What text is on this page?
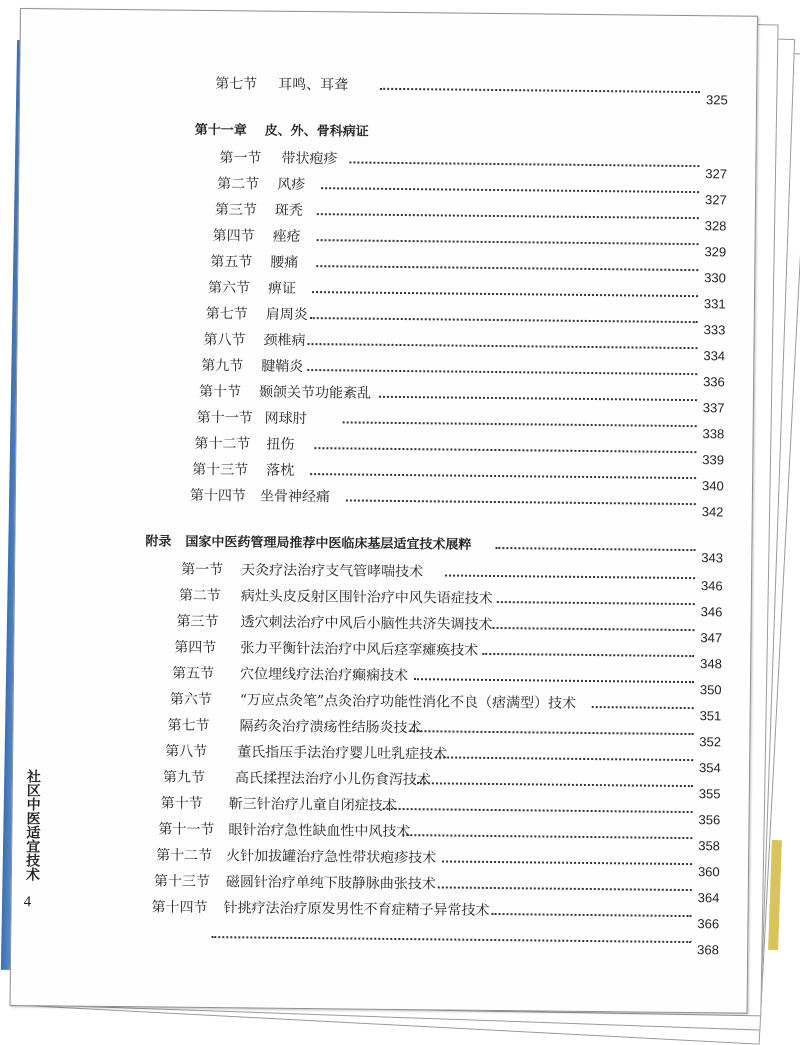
第七节 耳鸣、耳聋
325
第十一章 皮、外、骨科病证
第一节 带状疱疹
327
第二节 风疹
327
第三节 斑秃
328
第四节 痤疮
329
第五节 腰痛
330
第六节 痹证
331
第七节 肩周炎
333
第八节 颈椎病
334
第九节 腱鞘炎
336
第十节 颞颌关节功能紊乱
337
第十一节 网球肘
338
第十二节 扭伤
339
第十三节 落枕
340
第十四节 坐骨神经痛
342
附录 国家中医药管理局推荐中医临床基层适宜技术展粹
343
第一节 天灸疗法治疗支气管哮喘技术
346
第二节 病灶头皮反射区围针治疗中风失语症技术
346
第三节 透穴刺法治疗中风后小脑性共济失调技术
347
第四节 张力平衡针法治疗中风后痉挛瘫痪技术
348
第五节 穴位埋线疗法治疗癫痫技术
350
第六节 “万应点灸笔”点灸治疗功能性消化不良（痞满型）技术
351
第七节 隔药灸治疗溃疡性结肠炎技术
352
第八节 董氏指压手法治疗婴儿吐乳症技术
354
第九节 高氏揉捏法治疗小儿伤食泻技术
355
第十节 靳三针治疗儿童自闭症技术
356
第十一节 眼针治疗急性缺血性中风技术
358
第十二节 火针加拔罐治疗急性带状疱疹技术
360
第十三节 磁圆针治疗单纯下肢静脉曲张技术
364
第十四节 针挑疗法治疗原发男性不育症精子异常技术
366
368
社区中医适宜技术
4
